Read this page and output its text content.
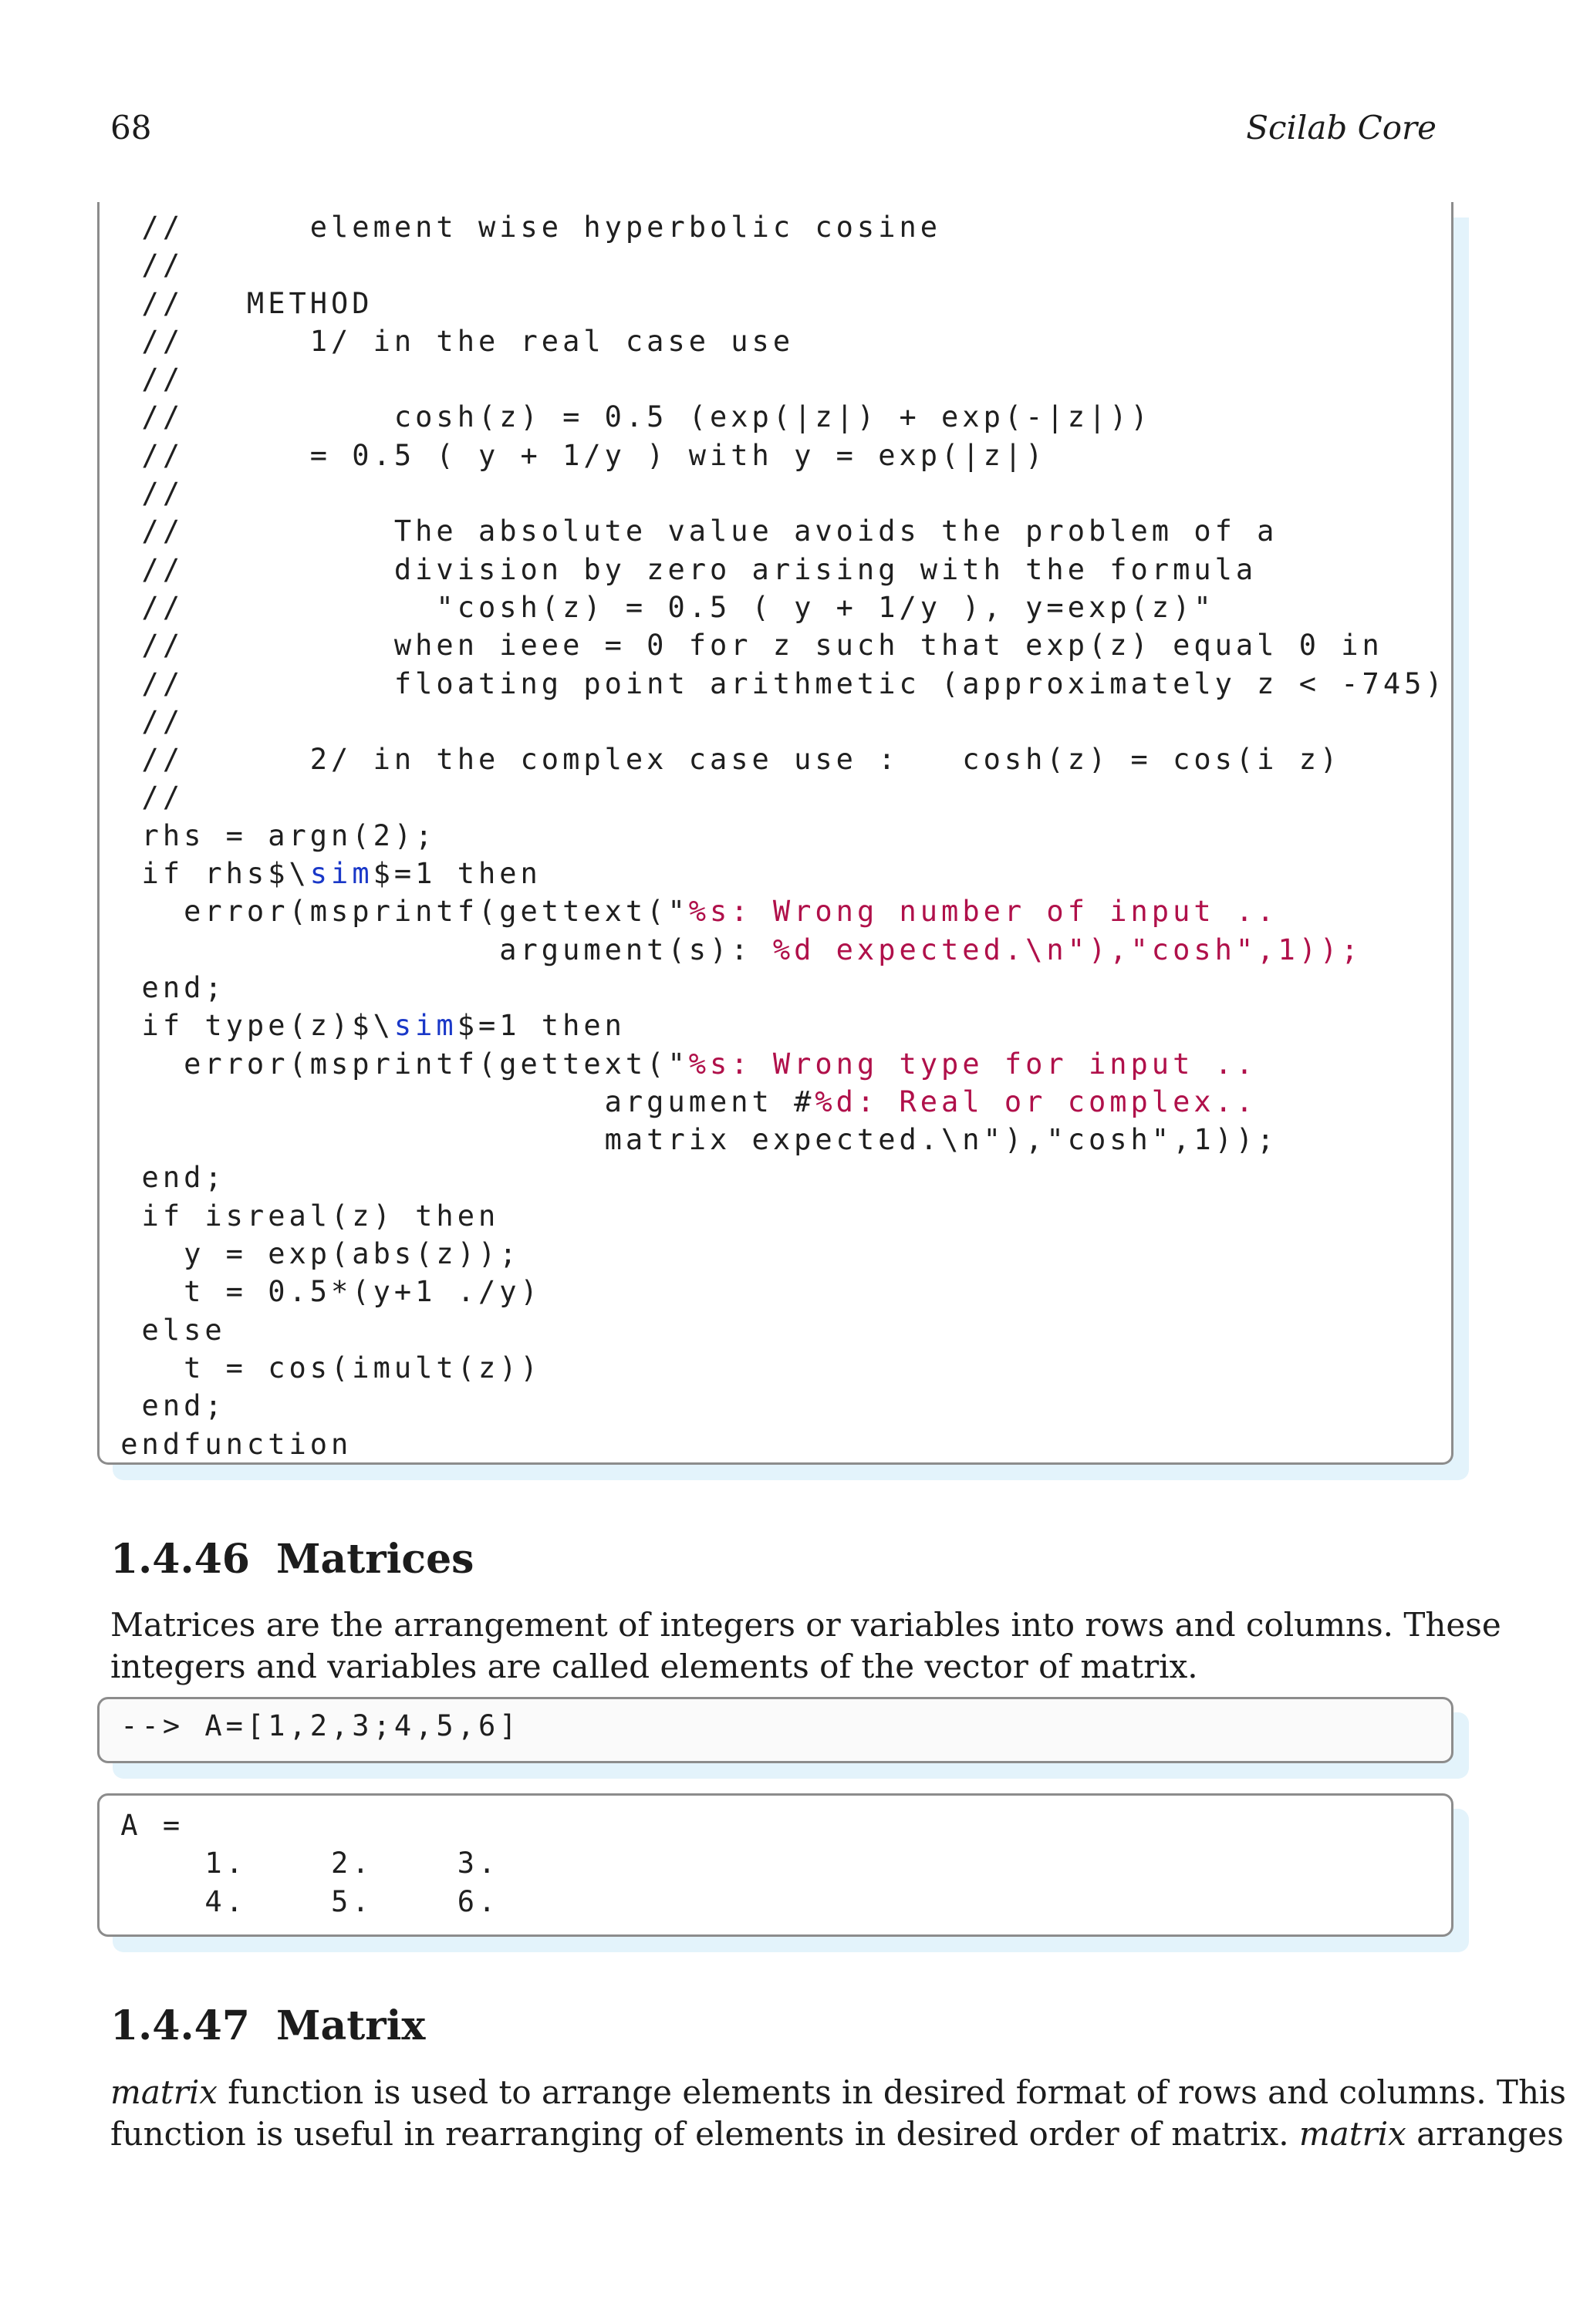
68	Scilab Core
//      element wise hyperbolic cosine
//
//   METHOD
//      1/ in the real case use
//
//          cosh(z) = 0.5 (exp(|z|) + exp(-|z|))
//      = 0.5 ( y + 1/y ) with y = exp(|z|)
//
//          The absolute value avoids the problem of a
//          division by zero arising with the formula
//            "cosh(z) = 0.5 ( y + 1/y ), y=exp(z)"
//          when ieee = 0 for z such that exp(z) equal 0 in
//          floating point arithmetic (approximately z < -745)
//
//      2/ in the complex case use :   cosh(z) = cos(i z)
//
rhs = argn(2);
if rhs$\sim$=1 then
error(msprintf(gettext("%s: Wrong number of input ..
argument(s): %d expected.\n"),"cosh",1));
end;
if type(z)$\sim$=1 then
error(msprintf(gettext("%s: Wrong type for input ..
argument #%d: Real or complex..
matrix expected.\n"),"cosh",1));
end;
if isreal(z) then
y = exp(abs(z));
t = 0.5*(y+1 ./y)
else
t = cos(imult(z))
end;
endfunction
1.4.46 Matrices
Matrices are the arrangement of integers or variables into rows and columns. These
integers and variables are called elements of the vector of matrix.
--> A=[1,2,3;4,5,6]
A =
1.    2.    3.
4.    5.    6.
1.4.47 Matrix
matrix function is used to arrange elements in desired format of rows and columns. This
function is useful in rearranging of elements in desired order of matrix. matrix arranges
